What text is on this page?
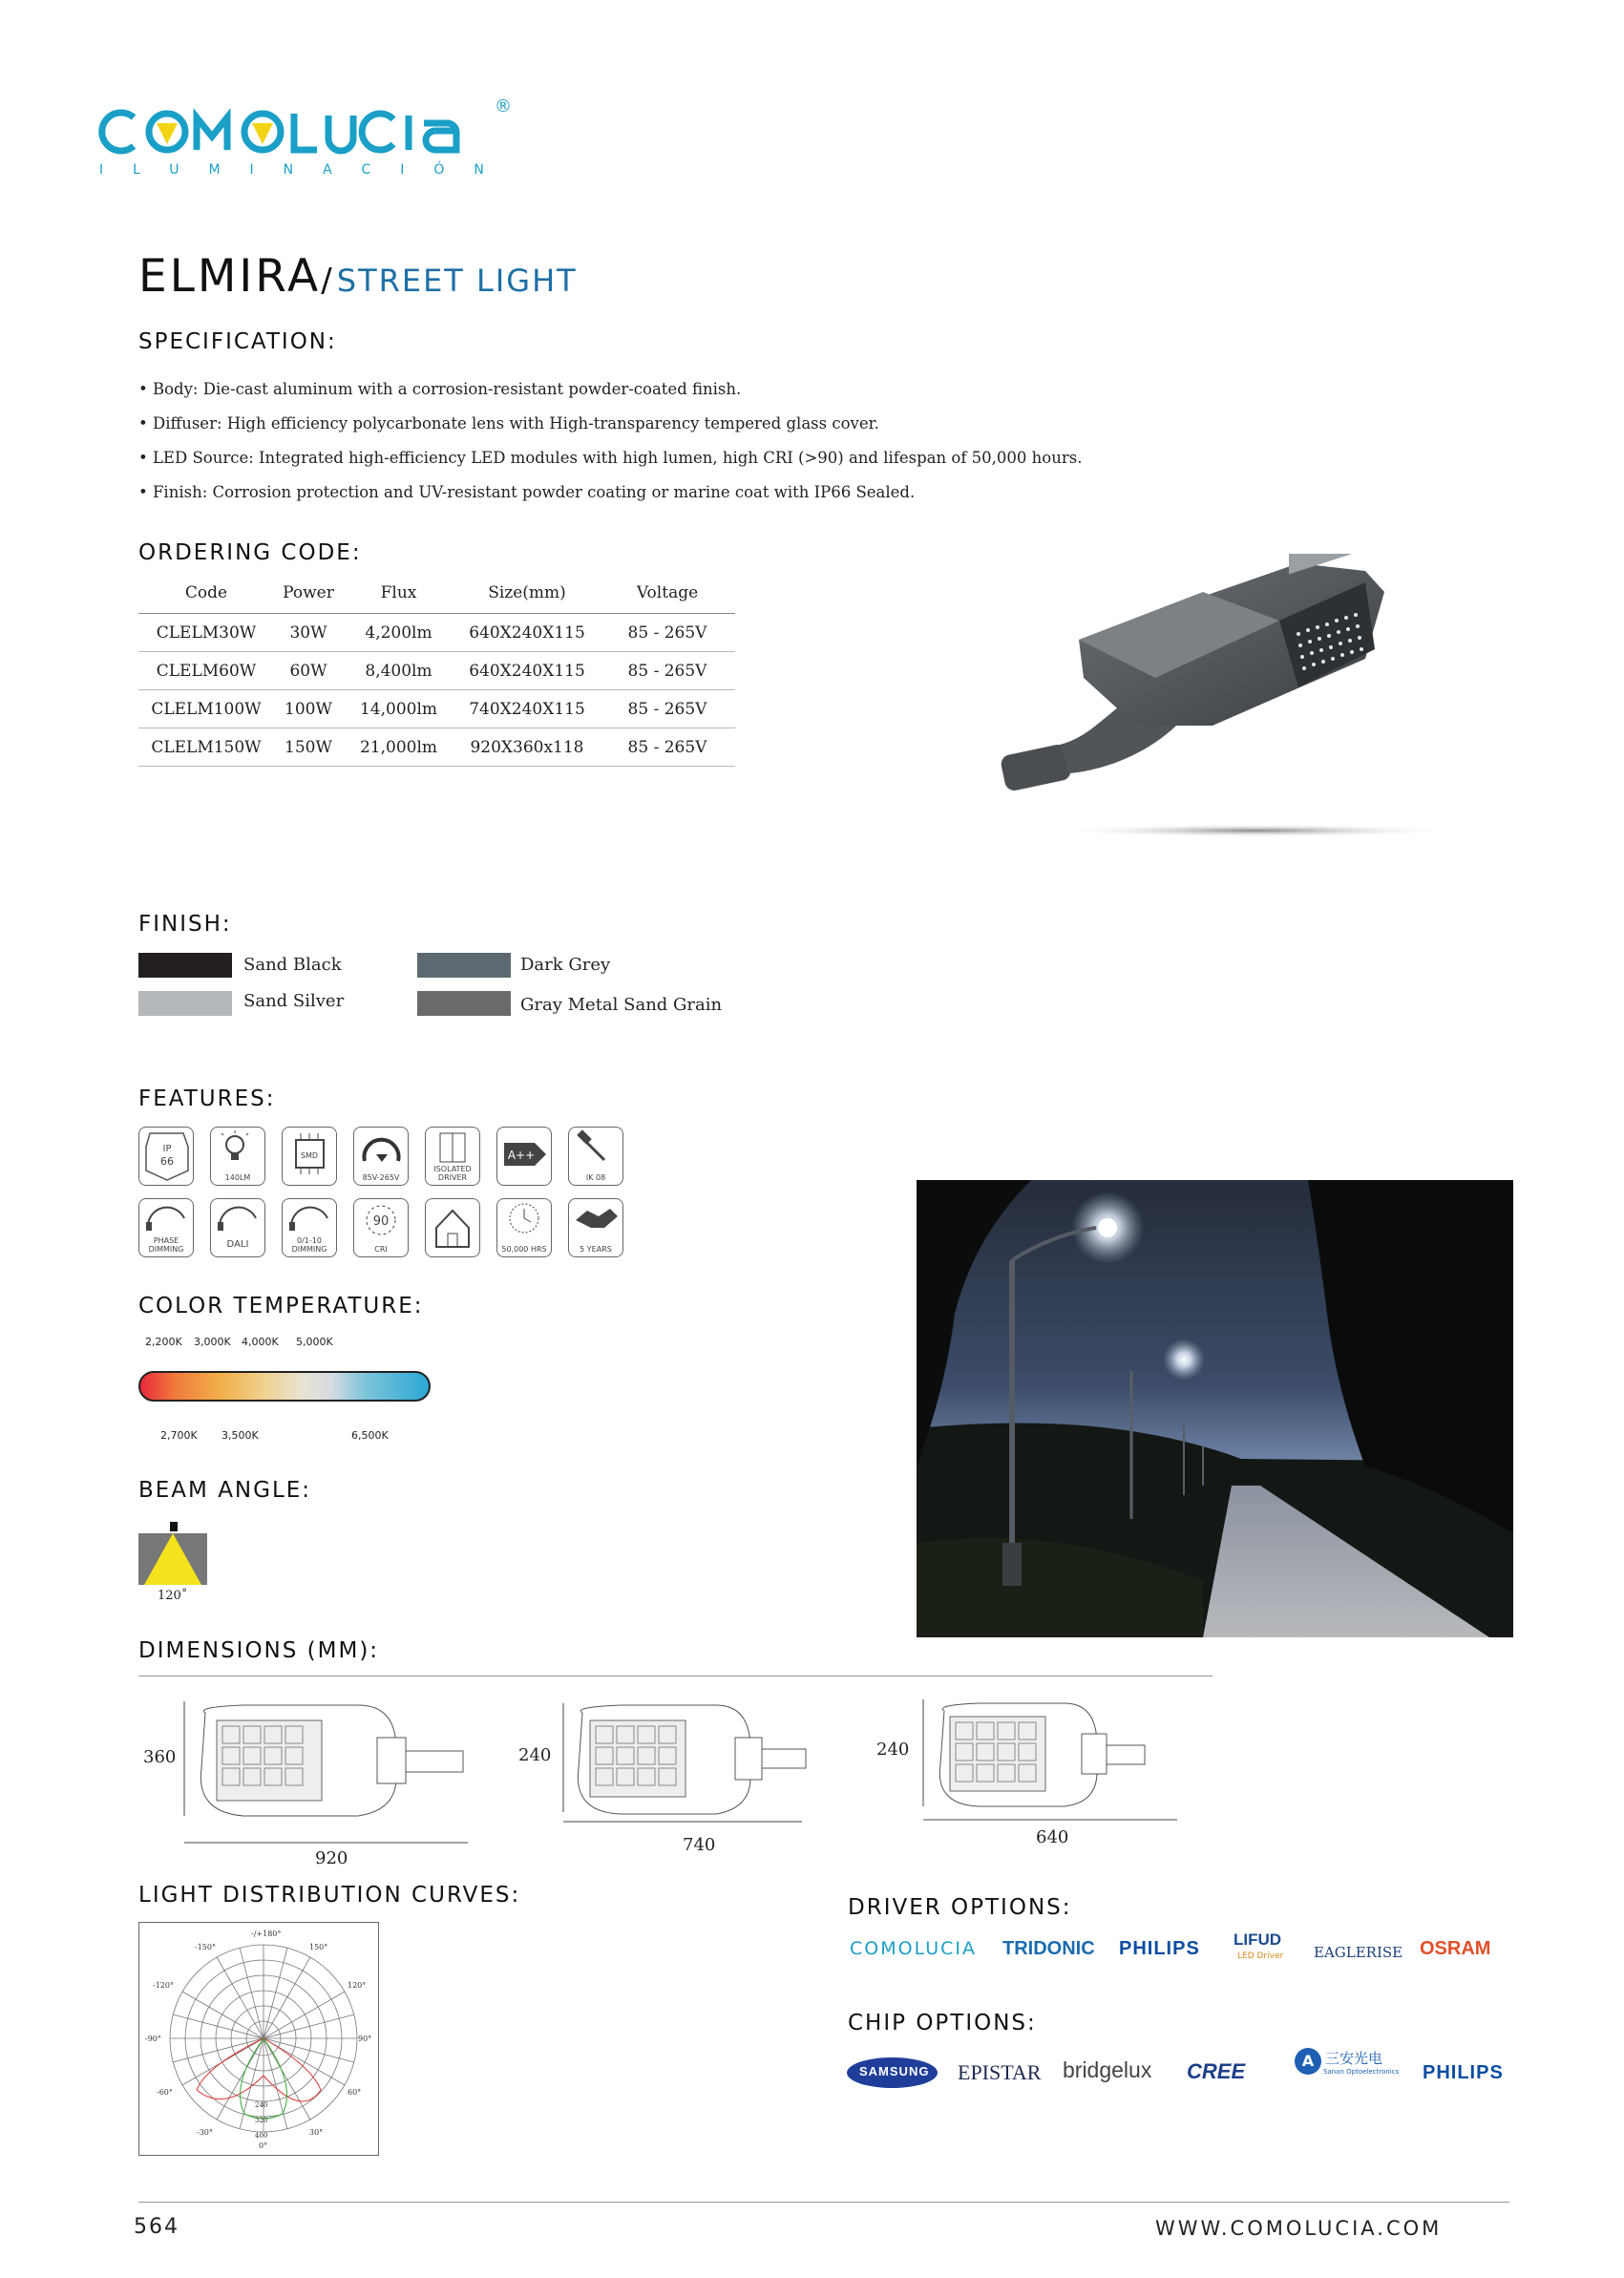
®
ILUMINACIÓN
ELMIRA/ STREET LIGHT
SPECIFICATION:
• Body: Die-cast aluminum with a corrosion-resistant powder-coated finish.
• Diffuser: High efficiency polycarbonate lens with High-transparency tempered glass cover.
• LED Source: Integrated high-efficiency LED modules with high lumen, high CRI (>90) and lifespan of 50,000 hours.
• Finish: Corrosion protection and UV-resistant powder coating or marine coat with IP66 Sealed.
ORDERING CODE:
Code	Power	Flux	Size(mm)	Voltage
CLELM30W	30W	4,200lm	640X240X115	85 - 265V
CLELM60W	60W	8,400lm	640X240X115	85 - 265V
CLELM100W	100W	14,000lm	740X240X115	85 - 265V
CLELM150W	150W	21,000lm	920X360x118	85 - 265V
FINISH:
Sand Black	Dark Grey
Sand Silver	Gray Metal Sand Grain
FEATURES:
IP
66
140LM
SMD
85V-265V
ISOLATED DRIVER
A++
IK 08
PHASE DIMMING	DALI	0/1-10 DIMMING
90
CRI	50,000 HRS	5 YEARS
COLOR TEMPERATURE:
2,200K 3,000K 4,000K 5,000K
2,700K 3,500K	6,500K
BEAM ANGLE:
120˚
DIMENSIONS (MM):
360
920
240
740
240
640
LIGHT DISTRIBUTION CURVES:
-/+180°
-150°	150°
-120°	120°
-90°	90°
-60°	60°
-30°	30°
0°
240
320
400
DRIVER OPTIONS:
COMOLUCIA TRIDONIC PHILIPS LIFUD
LED Driver EAGLERISE OSRAM
CHIP OPTIONS:
SAMSUNG EPISTAR bridgelux CREE	A 三安光电
Sanan Optoelectronics PHILIPS
564	WWW.COMOLUCIA.COM
